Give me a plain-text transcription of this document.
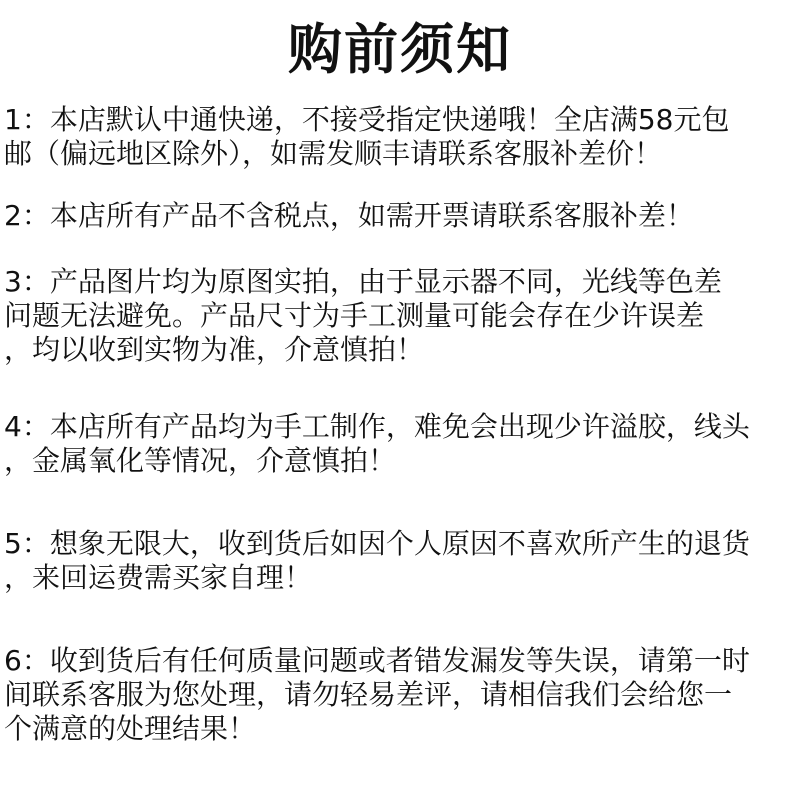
购前须知

1：本店默认中通快递，不接受指定快递哦！全店满58元包
邮（偏远地区除外），如需发顺丰请联系客服补差价！

2：本店所有产品不含税点，如需开票请联系客服补差！

3：产品图片均为原图实拍，由于显示器不同，光线等色差
问题无法避免。产品尺寸为手工测量可能会存在少许误差
，均以收到实物为准，介意慎拍！

4：本店所有产品均为手工制作，难免会出现少许溢胶，线头
，金属氧化等情况，介意慎拍！

5：想象无限大，收到货后如因个人原因不喜欢所产生的退货
，来回运费需买家自理！

6：收到货后有任何质量问题或者错发漏发等失误，请第一时
间联系客服为您处理，请勿轻易差评，请相信我们会给您一
个满意的处理结果！
